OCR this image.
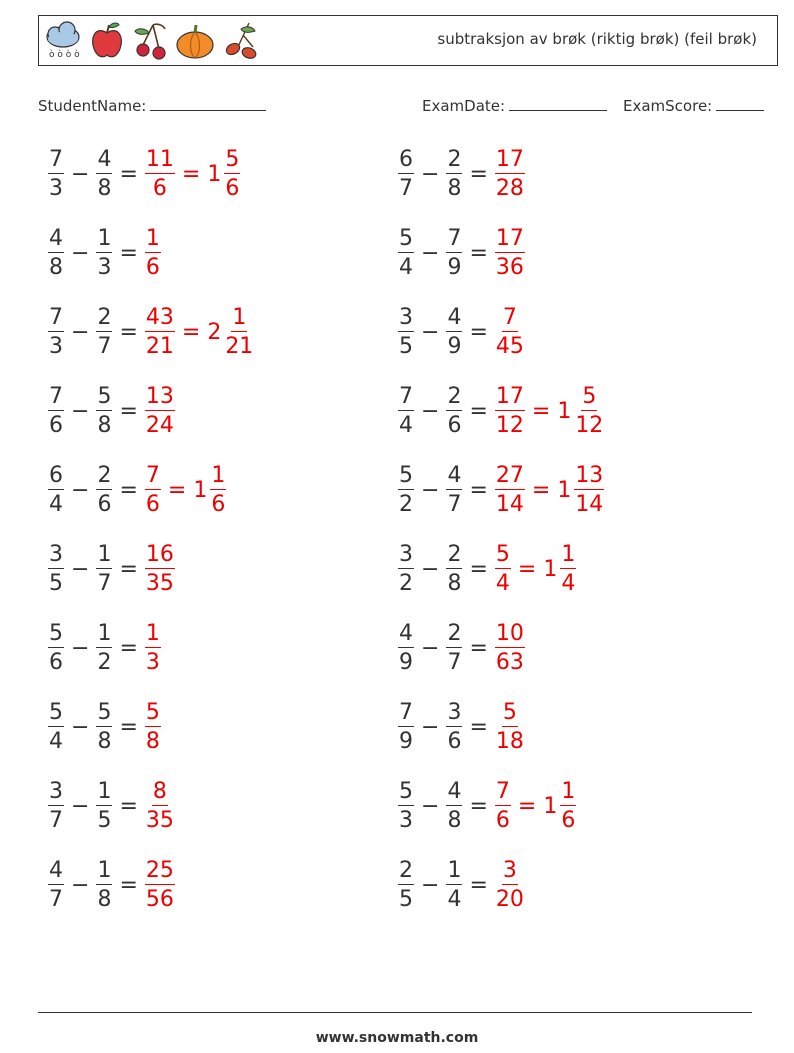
ò ò ò ò
subtraksjon av brøk (riktig brøk) (feil brøk)
StudentName:	ExamDate:	ExamScore:
$\frac{7}{3} - \frac{4}{8} = \frac{11}{6} = 1 \frac{5}{6}$	$\frac{6}{7} - \frac{2}{8} = \frac{17}{28}$
$\frac{4}{8} - \frac{1}{3} = \frac{1}{6}$	$\frac{5}{4} - \frac{7}{9} = \frac{17}{36}$
$\frac{7}{3} - \frac{2}{7} = \frac{43}{21} = 2 \frac{1}{21}$	$\frac{3}{5} - \frac{4}{9} = \frac{7}{45}$
$\frac{7}{6} - \frac{5}{8} = \frac{13}{24}$	$\frac{7}{4} - \frac{2}{6} = \frac{17}{12} = 1 \frac{5}{12}$
$\frac{6}{4} - \frac{2}{6} = \frac{7}{6} = 1 \frac{1}{6}$	$\frac{5}{2} - \frac{4}{7} = \frac{27}{14} = 1 \frac{13}{14}$
$\frac{3}{5} - \frac{1}{7} = \frac{16}{35}$	$\frac{3}{2} - \frac{2}{8} = \frac{5}{4} = 1 \frac{1}{4}$
$\frac{5}{6} - \frac{1}{2} = \frac{1}{3}$	$\frac{4}{9} - \frac{2}{7} = \frac{10}{63}$
$\frac{5}{4} - \frac{5}{8} = \frac{5}{8}$	$\frac{7}{9} - \frac{3}{6} = \frac{5}{18}$
$\frac{3}{7} - \frac{1}{5} = \frac{8}{35}$	$\frac{5}{3} - \frac{4}{8} = \frac{7}{6} = 1 \frac{1}{6}$
$\frac{4}{7} - \frac{1}{8} = \frac{25}{56}$	$\frac{2}{5} - \frac{1}{4} = \frac{3}{20}$
www.snowmath.com
